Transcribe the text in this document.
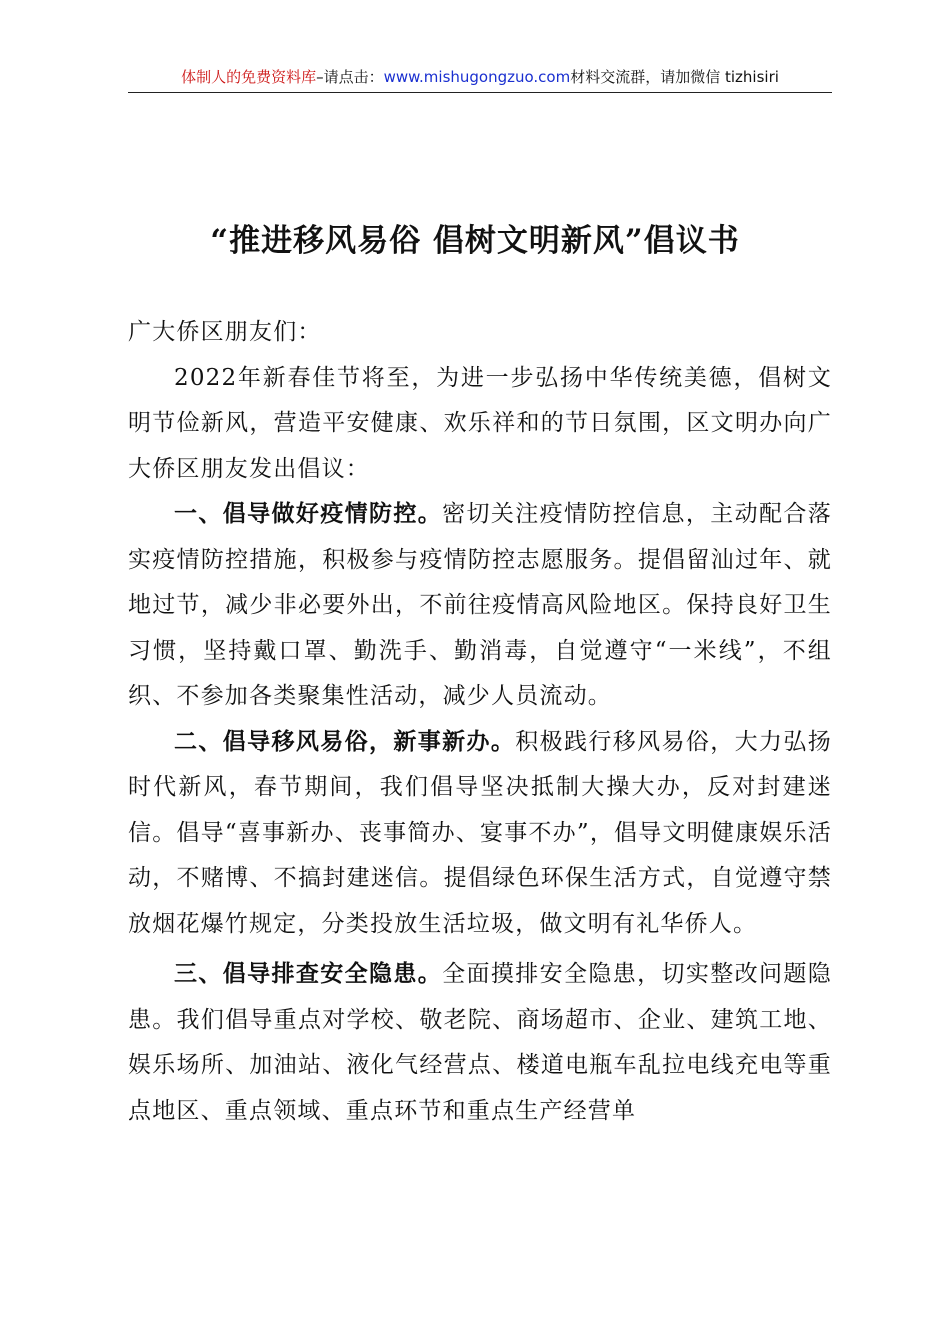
体制人的免费资料库–请点击：www.mishugongzuo.com材料交流群，请加微信 tizhisiri
“推进移风易俗 倡树文明新风”倡议书

广大侨区朋友们：

2022年新春佳节将至，为进一步弘扬中华传统美德，倡树文明节俭新风，营造平安健康、欢乐祥和的节日氛围，区文明办向广大侨区朋友发出倡议：

一、倡导做好疫情防控。密切关注疫情防控信息，主动配合落实疫情防控措施，积极参与疫情防控志愿服务。提倡留汕过年、就地过节，减少非必要外出，不前往疫情高风险地区。保持良好卫生习惯，坚持戴口罩、勤洗手、勤消毒，自觉遵守“一米线”，不组织、不参加各类聚集性活动，减少人员流动。

二、倡导移风易俗，新事新办。积极践行移风易俗，大力弘扬时代新风，春节期间，我们倡导坚决抵制大操大办，反对封建迷信。倡导“喜事新办、丧事简办、宴事不办”，倡导文明健康娱乐活动，不赌博、不搞封建迷信。提倡绿色环保生活方式，自觉遵守禁放烟花爆竹规定，分类投放生活垃圾，做文明有礼华侨人。

三、倡导排查安全隐患。全面摸排安全隐患，切实整改问题隐患。我们倡导重点对学校、敬老院、商场超市、企业、建筑工地、娱乐场所、加油站、液化气经营点、楼道电瓶车乱拉电线充电等重点地区、重点领域、重点环节和重点生产经营单
